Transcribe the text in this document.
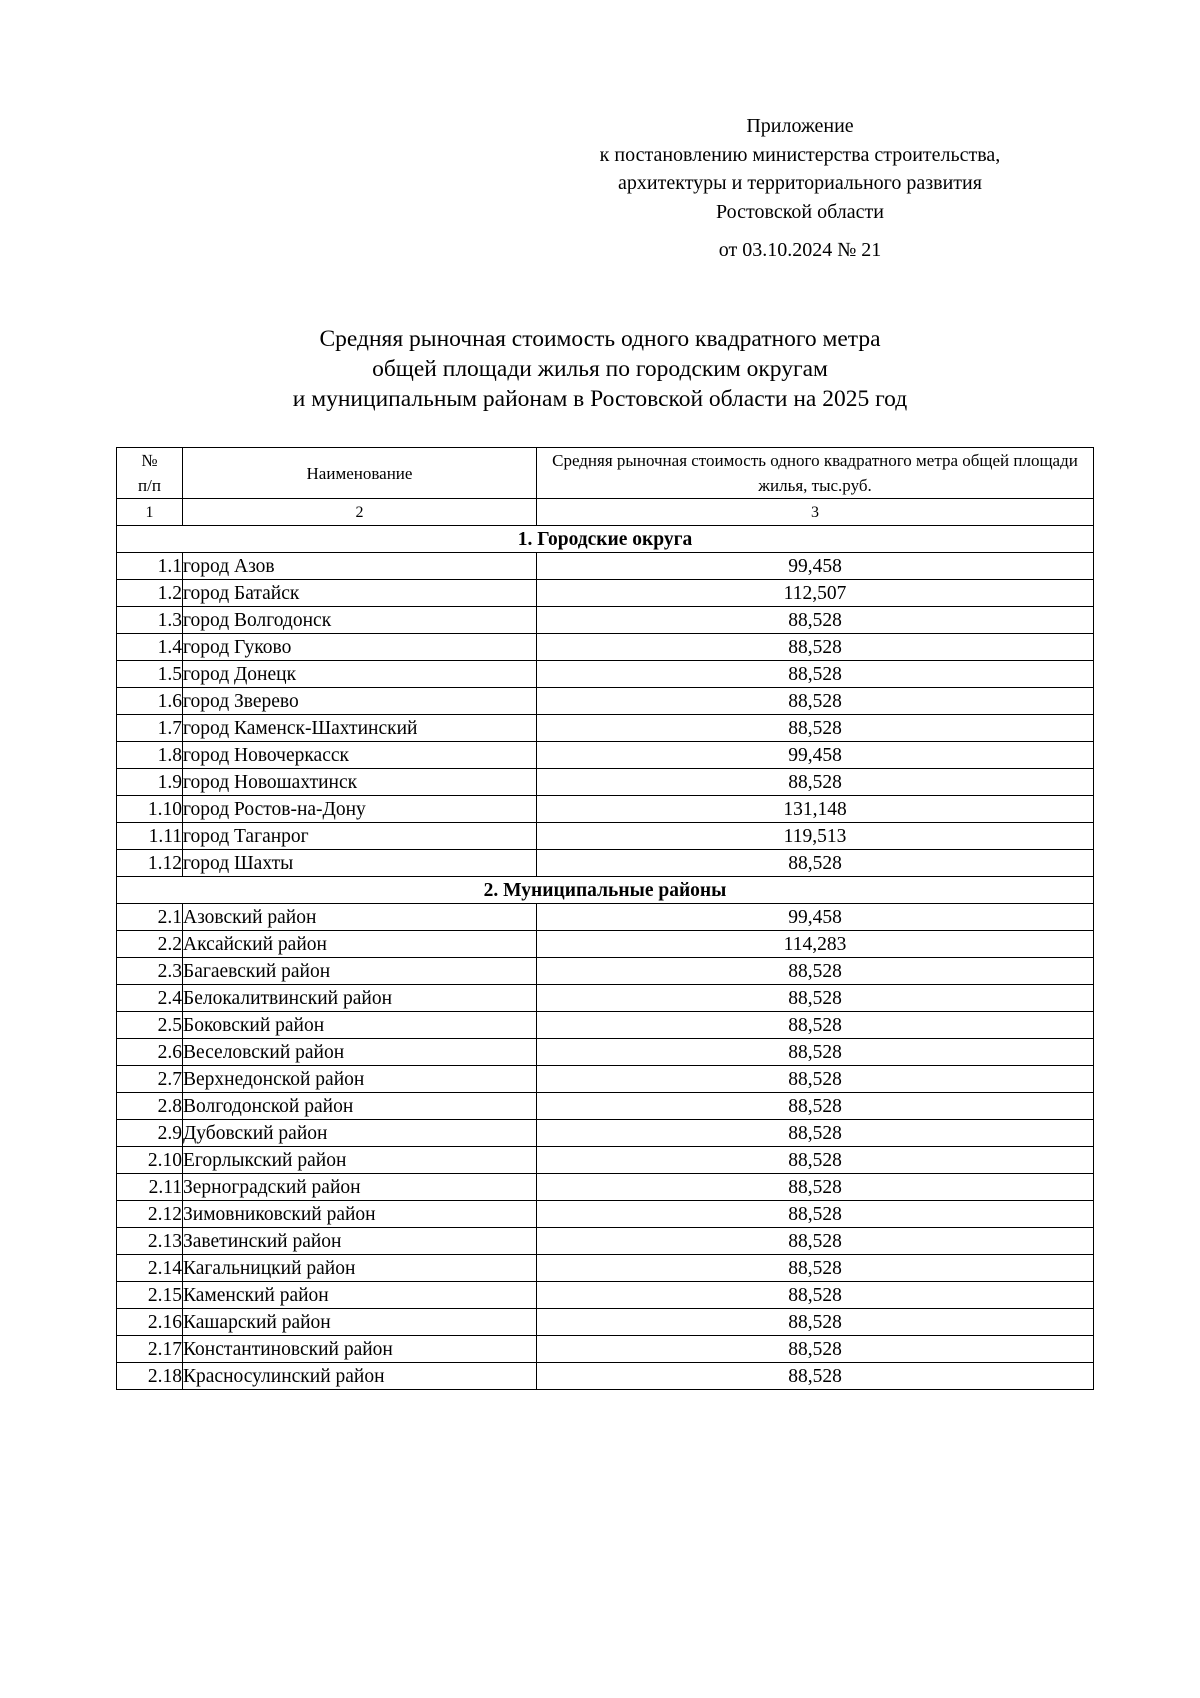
Приложение
к постановлению министерства строительства,
архитектуры и территориального развития
Ростовской области
от 03.10.2024 № 21
Средняя рыночная стоимость одного квадратного метра
общей площади жилья по городским округам
и муниципальным районам в Ростовской области на 2025 год
№
п/п	Наименование	Средняя рыночная стоимость одного квадратного метра общей площади жилья, тыс.руб.
1	2	3
1. Городские округа		
1.1	город Азов	99,458
1.2	город Батайск	112,507
1.3	город Волгодонск	88,528
1.4	город Гуково	88,528
1.5	город Донецк	88,528
1.6	город Зверево	88,528
1.7	город Каменск-Шахтинский	88,528
1.8	город Новочеркасск	99,458
1.9	город Новошахтинск	88,528
1.10	город Ростов-на-Дону	131,148
1.11	город Таганрог	119,513
1.12	город Шахты	88,528
2. Муниципальные районы		
2.1	Азовский район	99,458
2.2	Аксайский район	114,283
2.3	Багаевский район	88,528
2.4	Белокалитвинский район	88,528
2.5	Боковский район	88,528
2.6	Веселовский район	88,528
2.7	Верхнедонской район	88,528
2.8	Волгодонской район	88,528
2.9	Дубовский район	88,528
2.10	Егорлыкский район	88,528
2.11	Зерноградский район	88,528
2.12	Зимовниковский район	88,528
2.13	Заветинский район	88,528
2.14	Кагальницкий район	88,528
2.15	Каменский район	88,528
2.16	Кашарский район	88,528
2.17	Константиновский район	88,528
2.18	Красносулинский район	88,528
